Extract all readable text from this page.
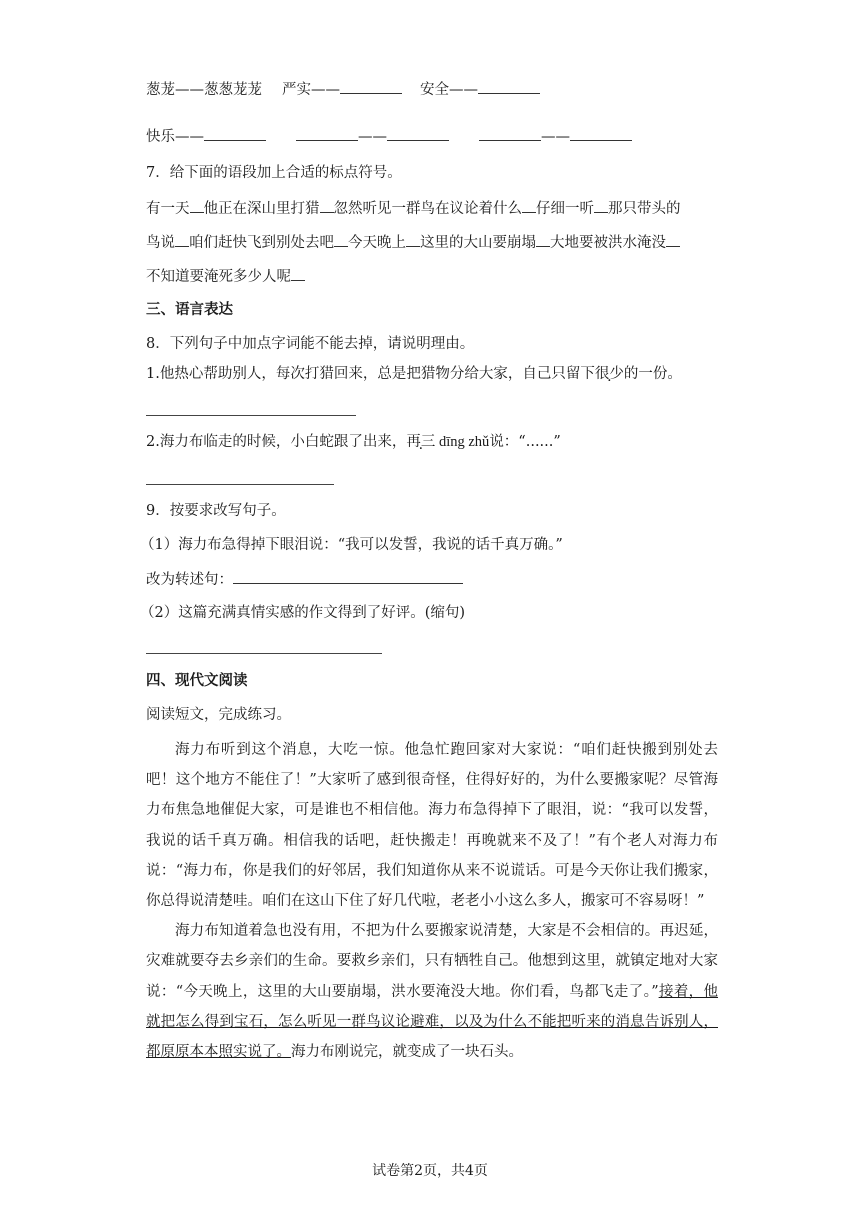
葱茏——葱葱茏茏 严实——	安全——
快乐——	——	——
7．给下面的语段加上合适的标点符号。
有一天 他正在深山里打猎 忽然听见一群鸟在议论着什么 仔细一听 那只带头的
鸟说 咱们赶快飞到别处去吧 今天晚上 这里的大山要崩塌 大地要被洪水淹没
不知道要淹死多少人呢
三、语言表达
8．下列句子中加点字词能不能去掉，请说明理由。
1.他热心帮助别人，每次打猎回来，总是把猎物分给大家，自己只留下很少的一份。
2.海力布临走的时候，小白蛇跟了出来，再三 dīng zhǔ说：“......”
9．按要求改写句子。
（1）海力布急得掉下眼泪说：“我可以发誓，我说的话千真万确。”
改为转述句：
（2）这篇充满真情实感的作文得到了好评。(缩句)
四、现代文阅读
阅读短文，完成练习。

海力布听到这个消息，大吃一惊。他急忙跑回家对大家说：“咱们赶快搬到别处去吧！这个地方不能住了！”大家听了感到很奇怪，住得好好的，为什么要搬家呢？尽管海力布焦急地催促大家，可是谁也不相信他。海力布急得掉下了眼泪，说：“我可以发誓，我说的话千真万确。相信我的话吧，赶快搬走！再晚就来不及了！”有个老人对海力布说：“海力布，你是我们的好邻居，我们知道你从来不说谎话。可是今天你让我们搬家，你总得说清楚哇。咱们在这山下住了好几代啦，老老小小这么多人，搬家可不容易呀！”

海力布知道着急也没有用，不把为什么要搬家说清楚，大家是不会相信的。再迟延，灾难就要夺去乡亲们的生命。要救乡亲们，只有牺牲自己。他想到这里，就镇定地对大家说：“今天晚上，这里的大山要崩塌，洪水要淹没大地。你们看，鸟都飞走了。”接着，他就把怎么得到宝石，怎么听见一群鸟议论避难，以及为什么不能把听来的消息告诉别人，都原原本本照实说了。海力布刚说完，就变成了一块石头。

试卷第2页，共4页
